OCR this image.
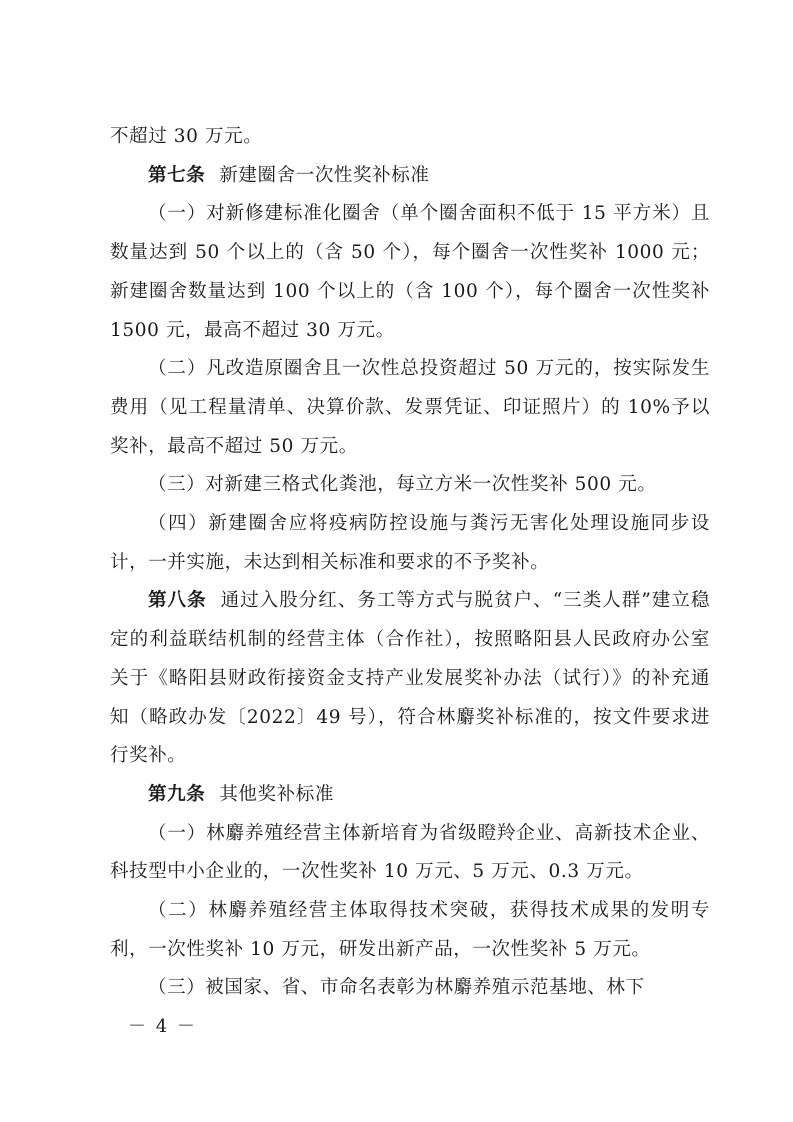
不超过 30 万元。

第七条 新建圈舍一次性奖补标准

（一）对新修建标准化圈舍（单个圈舍面积不低于 15 平方米）且数量达到 50 个以上的（含 50 个），每个圈舍一次性奖补 1000 元；新建圈舍数量达到 100 个以上的（含 100 个），每个圈舍一次性奖补 1500 元，最高不超过 30 万元。

（二）凡改造原圈舍且一次性总投资超过 50 万元的，按实际发生费用（见工程量清单、决算价款、发票凭证、印证照片）的 10%予以奖补，最高不超过 50 万元。

（三）对新建三格式化粪池，每立方米一次性奖补 500 元。

（四）新建圈舍应将疫病防控设施与粪污无害化处理设施同步设计，一并实施，未达到相关标准和要求的不予奖补。

第八条 通过入股分红、务工等方式与脱贫户、“三类人群”建立稳定的利益联结机制的经营主体（合作社），按照略阳县人民政府办公室关于《略阳县财政衔接资金支持产业发展奖补办法（试行）》的补充通知（略政办发〔2022〕49 号），符合林麝奖补标准的，按文件要求进行奖补。

第九条 其他奖补标准

（一）林麝养殖经营主体新培育为省级瞪羚企业、高新技术企业、科技型中小企业的，一次性奖补 10 万元、5 万元、0.3 万元。

（二）林麝养殖经营主体取得技术突破，获得技术成果的发明专利，一次性奖补 10 万元，研发出新产品，一次性奖补 5 万元。

（三）被国家、省、市命名表彰为林麝养殖示范基地、林下

－ 4 －
